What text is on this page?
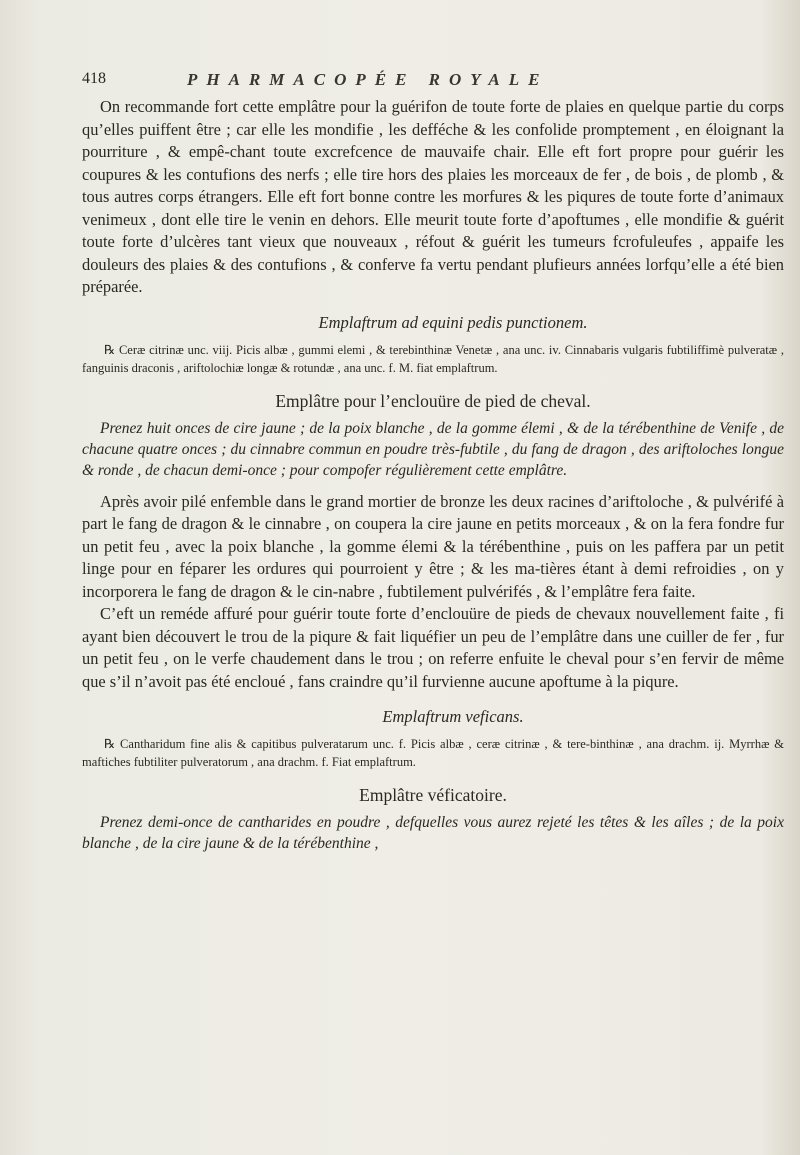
418	PHARMACOPÉE ROYALE

On recommande fort cette emplâtre pour la guérifon de toute forte de plaies en quelque partie du corps qu’elles puiffent être ; car elle les mondifie , les defféche & les confolide promptement , en éloignant la pourriture , & empê-chant toute excrefcence de mauvaife chair. Elle eft fort propre pour guérir les coupures & les contufions des nerfs ; elle tire hors des plaies les morceaux de fer , de bois , de plomb , & tous autres corps étrangers. Elle eft fort bonne contre les morfures & les piqures de toute forte d’animaux venimeux , dont elle tire le venin en dehors. Elle meurit toute forte d’apoftumes , elle mondifie & guérit toute forte d’ulcères tant vieux que nouveaux , réfout & guérit les tumeurs fcrofuleufes , appaife les douleurs des plaies & des contufions , & conferve fa vertu pendant plufieurs années lorfqu’elle a été bien préparée.

Emplaftrum ad equini pedis punctionem.

℞ Ceræ citrinæ unc. viij. Picis albæ , gummi elemi , & terebinthinæ Venetæ , ana unc. iv. Cinnabaris vulgaris fubtiliffimè pulveratæ , fanguinis draconis , ariftolochiæ longæ & rotundæ , ana unc. f. M. fiat emplaftrum.

Emplâtre pour l’enclouüre de pied de cheval.

Prenez huit onces de cire jaune ; de la poix blanche , de la gomme élemi , & de la térébenthine de Venife , de chacune quatre onces ; du cinnabre commun en poudre très-fubtile , du fang de dragon , des ariftoloches longue & ronde , de chacun demi-once ; pour compofer régulièrement cette emplâtre.

Après avoir pilé enfemble dans le grand mortier de bronze les deux racines d’ariftoloche , & pulvérifé à part le fang de dragon & le cinnabre , on coupera la cire jaune en petits morceaux , & on la fera fondre fur un petit feu , avec la poix blanche , la gomme élemi & la térébenthine , puis on les paffera par un petit linge pour en féparer les ordures qui pourroient y être ; & les ma-tières étant à demi refroidies , on y incorporera le fang de dragon & le cin-nabre , fubtilement pulvérifés , & l’emplâtre fera faite.

C’eft un reméde affuré pour guérir toute forte d’enclouüre de pieds de chevaux nouvellement faite , fi ayant bien découvert le trou de la piqure & fait liquéfier un peu de l’emplâtre dans une cuiller de fer , fur un petit feu , on le verfe chaudement dans le trou ; on referre enfuite le cheval pour s’en fervir de même que s’il n’avoit pas été encloué , fans craindre qu’il furvienne aucune apoftume à la piqure.

Emplaftrum veficans.

℞ Cantharidum fine alis & capitibus pulveratarum unc. f. Picis albæ , ceræ citrinæ , & tere-binthinæ , ana drachm. ij. Myrrhæ & maftiches fubtiliter pulveratorum , ana drachm. f. Fiat emplaftrum.

Emplâtre véficatoire.

Prenez demi-once de cantharides en poudre , defquelles vous aurez rejeté les têtes & les aîles ; de la poix blanche , de la cire jaune & de la térébenthine ,
